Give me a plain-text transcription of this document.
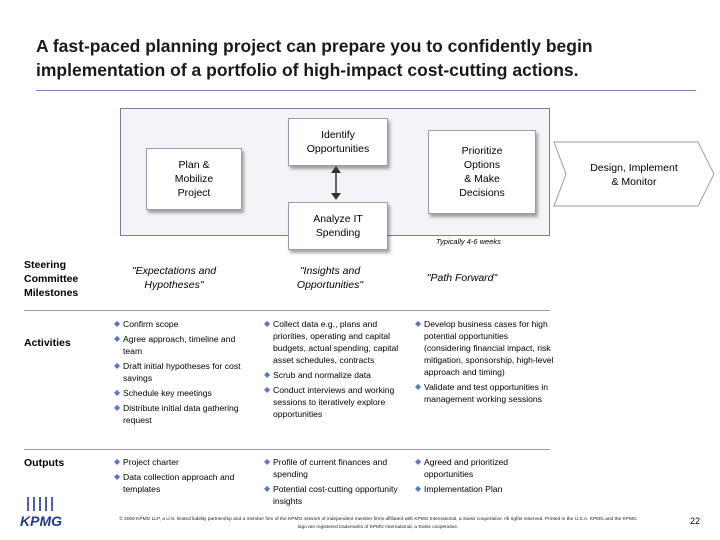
A fast-paced planning project can prepare you to confidently begin implementation of a portfolio of high-impact cost-cutting actions.
Plan &
Mobilize
Project
Identify
Opportunities
Analyze IT
Spending
Prioritize
Options
& Make
Decisions
Design, Implement
& Monitor
Typically 4-6 weeks
Steering
Committee
Milestones
Activities
Outputs
"Expectations and
Hypotheses"
"Insights and
Opportunities"
"Path Forward"
◆ Confirm scope
◆ Agree approach, timeline and team
◆ Draft initial hypotheses for cost savings
◆ Schedule key meetings
◆ Distribute initial data gathering request
◆ Collect data e.g., plans and priorities, operating and capital budgets, actual spending, capital asset schedules, contracts
◆ Scrub and normalize data
◆ Conduct interviews and working sessions to iteratively explore opportunities
◆ Develop business cases for high potential opportunities (considering financial impact, risk mitigation, sponsorship, high-level approach and timing)
◆ Validate and test opportunities in management working sessions
◆ Project charter
◆ Data collection approach and templates
◆ Profile of current finances and spending
◆ Potential cost-cutting opportunity insights
◆ Agreed and prioritized opportunities
◆ Implementation Plan
KPMG	© 2009 KPMG LLP, a U.S. limited liability partnership and a member firm of the KPMG network of independent member firms affiliated with KPMG International, a Swiss cooperative. All rights reserved. Printed in the U.S.A. KPMG and the KPMG logo are registered trademarks of KPMG International, a Swiss cooperative.
22
